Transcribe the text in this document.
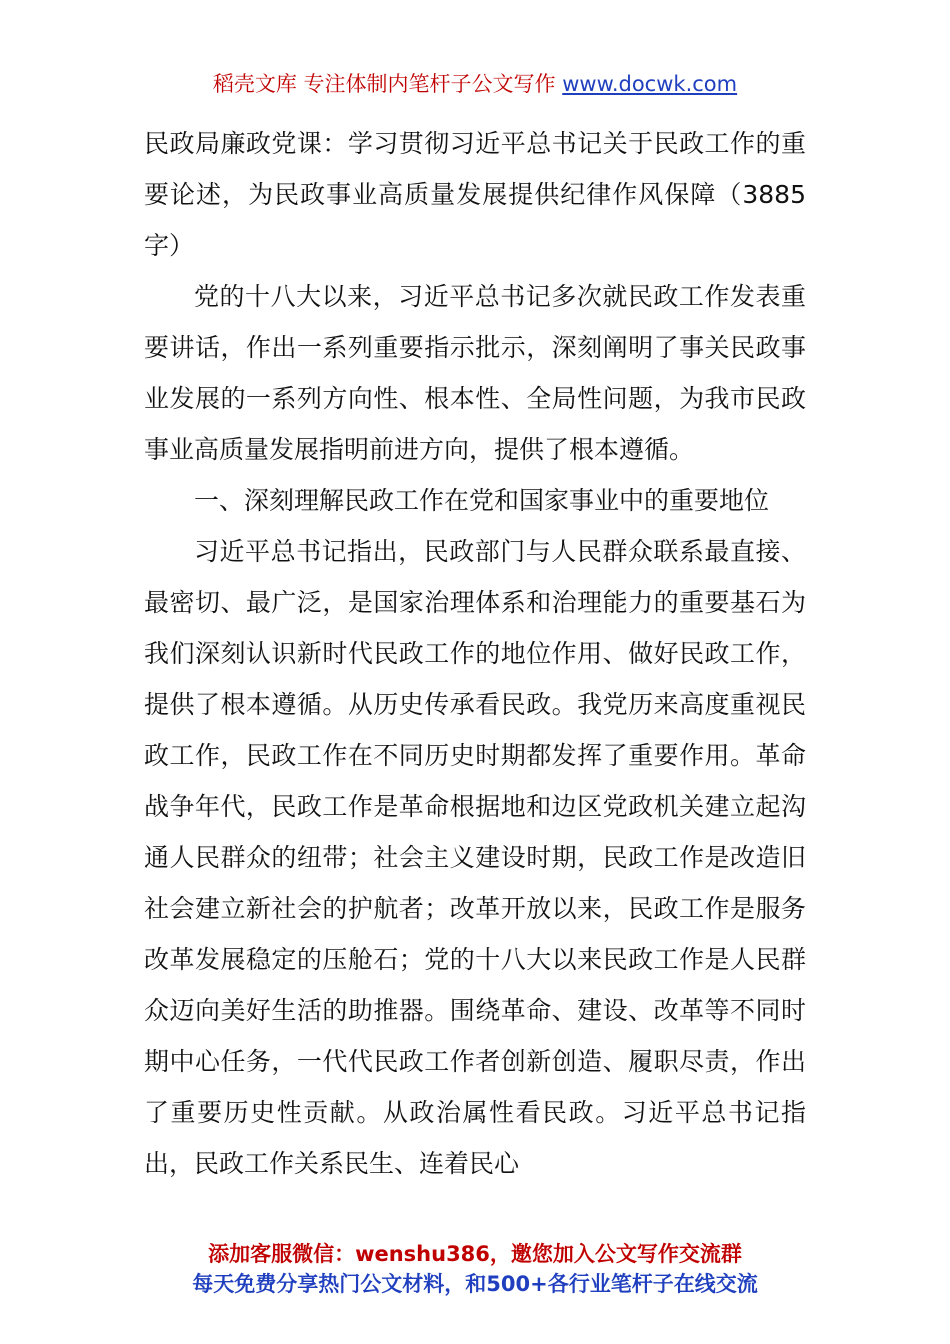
稻壳文库 专注体制内笔杆子公文写作 www.docwk.com

民政局廉政党课：学习贯彻习近平总书记关于民政工作的重要论述，为民政事业高质量发展提供纪律作风保障（3885字）

党的十八大以来，习近平总书记多次就民政工作发表重要讲话，作出一系列重要指示批示，深刻阐明了事关民政事业发展的一系列方向性、根本性、全局性问题，为我市民政事业高质量发展指明前进方向，提供了根本遵循。

一、深刻理解民政工作在党和国家事业中的重要地位

习近平总书记指出，民政部门与人民群众联系最直接、最密切、最广泛，是国家治理体系和治理能力的重要基石为我们深刻认识新时代民政工作的地位作用、做好民政工作，提供了根本遵循。从历史传承看民政。我党历来高度重视民政工作，民政工作在不同历史时期都发挥了重要作用。革命战争年代，民政工作是革命根据地和边区党政机关建立起沟通人民群众的纽带；社会主义建设时期，民政工作是改造旧社会建立新社会的护航者；改革开放以来，民政工作是服务改革发展稳定的压舱石；党的十八大以来民政工作是人民群众迈向美好生活的助推器。围绕革命、建设、改革等不同时期中心任务，一代代民政工作者创新创造、履职尽责，作出了重要历史性贡献。从政治属性看民政。习近平总书记指出，民政工作关系民生、连着民心

添加客服微信：wenshu386，邀您加入公文写作交流群
每天免费分享热门公文材料，和500+各行业笔杆子在线交流
